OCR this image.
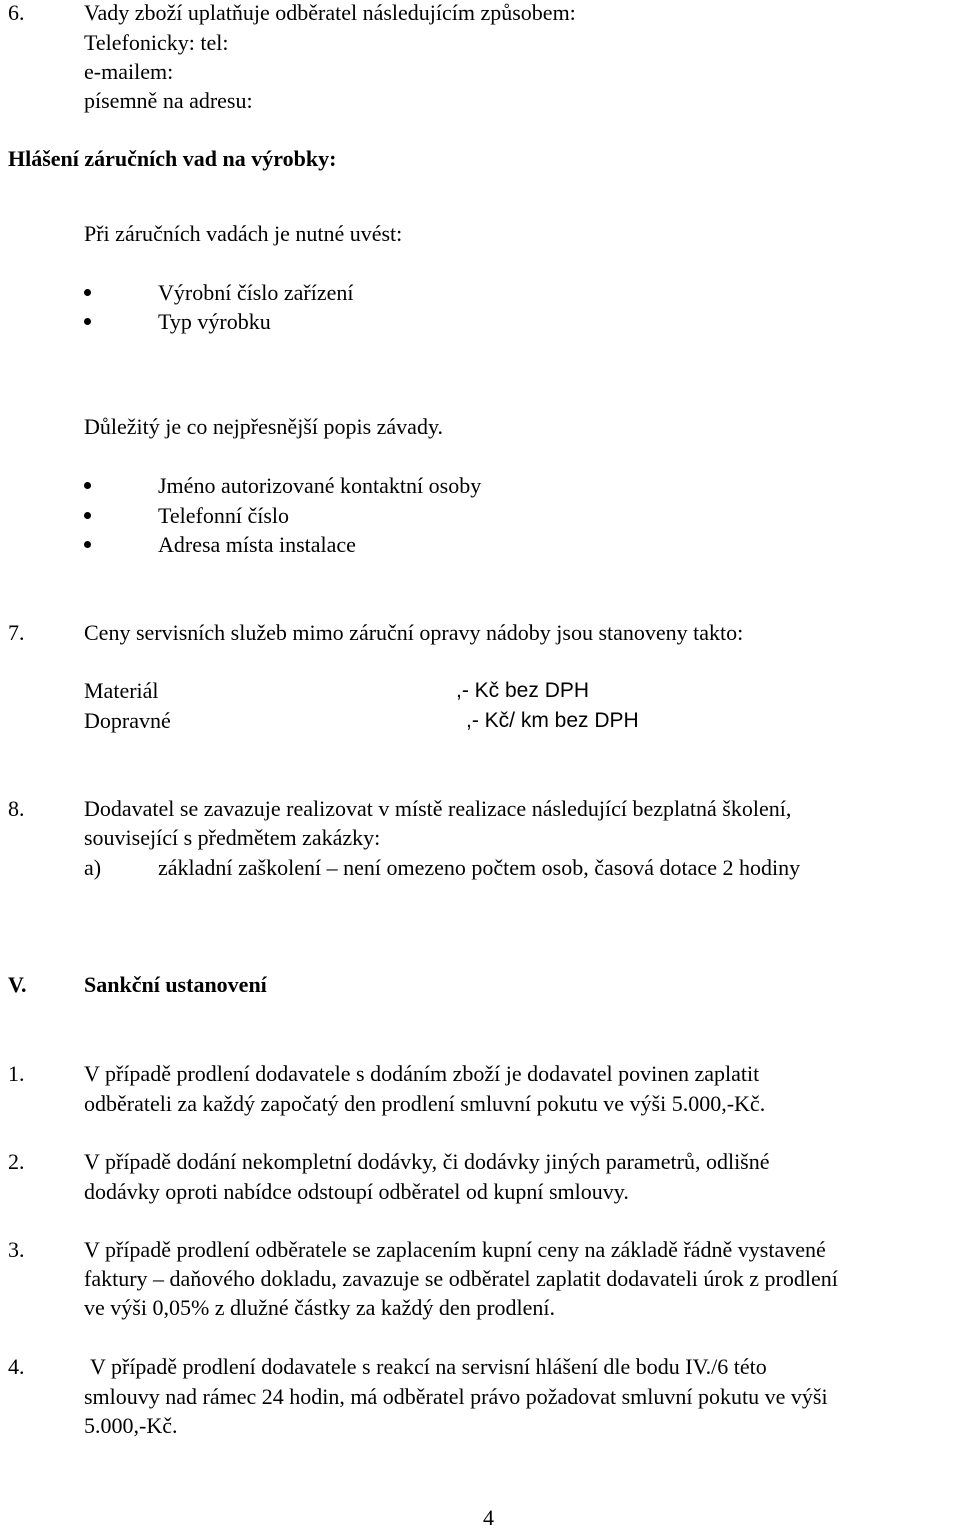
6.	Vady zboží uplatňuje odběratel následujícím způsobem:
Telefonicky: tel:
e-mailem:
písemně na adresu:
Hlášení záručních vad na výrobky:
Při záručních vadách je nutné uvést:
Výrobní číslo zařízení
Typ výrobku
Důležitý je co nejpřesnější popis závady.
Jméno autorizované kontaktní osoby
Telefonní číslo
Adresa místa instalace
7.	Ceny servisních služeb mimo záruční opravy nádoby jsou stanoveny takto:
Materiál	,- Kč bez DPH
Dopravné	,- Kč/ km bez DPH
8.	Dodavatel se zavazuje realizovat v místě realizace následující bezplatná školení,
související s předmětem zakázky:
a)	základní zaškolení – není omezeno počtem osob, časová dotace 2 hodiny
V.	Sankční ustanovení
1.	V případě prodlení dodavatele s dodáním zboží je dodavatel povinen zaplatit
odběrateli za každý započatý den prodlení smluvní pokutu ve výši 5.000,-Kč.
2.	V případě dodání nekompletní dodávky, či dodávky jiných parametrů, odlišné
dodávky oproti nabídce odstoupí odběratel od kupní smlouvy.
3.	V případě prodlení odběratele se zaplacením kupní ceny na základě řádně vystavené
faktury – daňového dokladu, zavazuje se odběratel zaplatit dodavateli úrok z prodlení
ve výši 0,05% z dlužné částky za každý den prodlení.
4.	V případě prodlení dodavatele s reakcí na servisní hlášení dle bodu IV./6 této
smlouvy nad rámec 24 hodin, má odběratel právo požadovat smluvní pokutu ve výši
5.000,-Kč.
4
